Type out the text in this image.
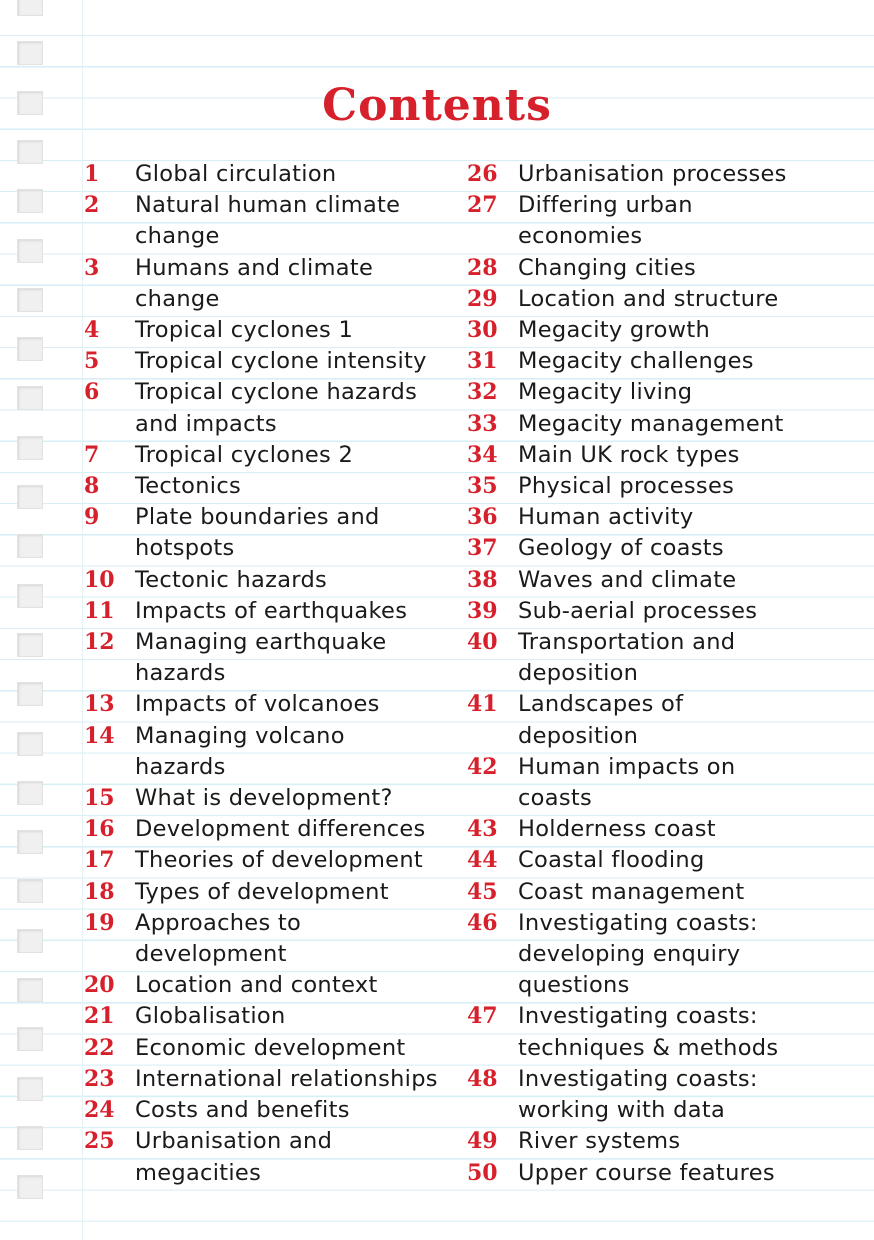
Contents
1	Global circulation
2	Natural human climate
change
3	Humans and climate
change
4	Tropical cyclones 1
5	Tropical cyclone intensity
6	Tropical cyclone hazards
and impacts
7	Tropical cyclones 2
8	Tectonics
9	Plate boundaries and
hotspots
10 Tectonic hazards
11 Impacts of earthquakes
12 Managing earthquake
hazards
13 Impacts of volcanoes
14 Managing volcano
hazards
15 What is development?
16 Development differences
17 Theories of development
18 Types of development
19 Approaches to
development
20 Location and context
21 Globalisation
22 Economic development
23 International relationships
24 Costs and benefits
25 Urbanisation and
megacities
26 Urbanisation processes
27 Differing urban
economies
28 Changing cities
29 Location and structure
30 Megacity growth
31 Megacity challenges
32 Megacity living
33 Megacity management
34 Main UK rock types
35 Physical processes
36 Human activity
37 Geology of coasts
38 Waves and climate
39 Sub-aerial processes
40 Transportation and
deposition
41 Landscapes of
deposition
42 Human impacts on
coasts
43 Holderness coast
44 Coastal flooding
45 Coast management
46 Investigating coasts:
developing enquiry
questions
47 Investigating coasts:
techniques & methods
48 Investigating coasts:
working with data
49 River systems
50 Upper course features
